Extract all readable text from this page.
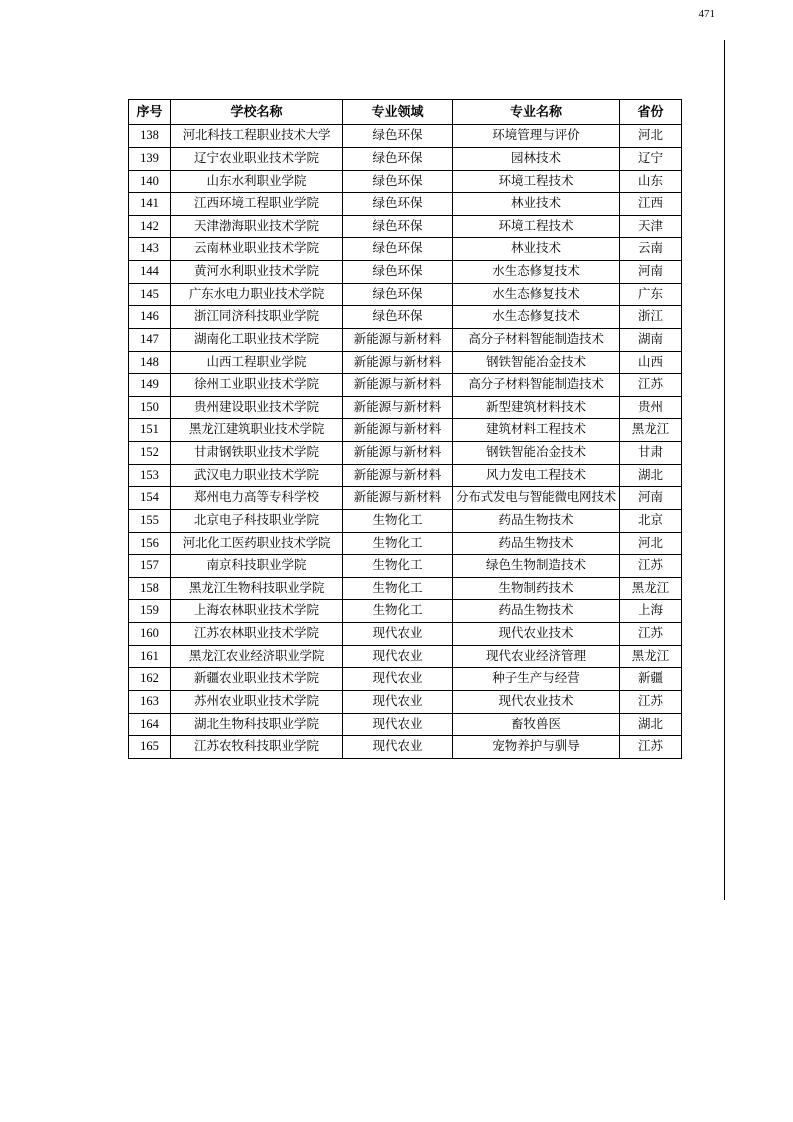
471
序号	学校名称	专业领域	专业名称	省份
138	河北科技工程职业技术大学	绿色环保	环境管理与评价	河北
139	辽宁农业职业技术学院	绿色环保	园林技术	辽宁
140	山东水利职业学院	绿色环保	环境工程技术	山东
141	江西环境工程职业学院	绿色环保	林业技术	江西
142	天津渤海职业技术学院	绿色环保	环境工程技术	天津
143	云南林业职业技术学院	绿色环保	林业技术	云南
144	黄河水利职业技术学院	绿色环保	水生态修复技术	河南
145	广东水电力职业技术学院	绿色环保	水生态修复技术	广东
146	浙江同济科技职业学院	绿色环保	水生态修复技术	浙江
147	湖南化工职业技术学院	新能源与新材料	高分子材料智能制造技术	湖南
148	山西工程职业学院	新能源与新材料	钢铁智能冶金技术	山西
149	徐州工业职业技术学院	新能源与新材料	高分子材料智能制造技术	江苏
150	贵州建设职业技术学院	新能源与新材料	新型建筑材料技术	贵州
151	黑龙江建筑职业技术学院	新能源与新材料	建筑材料工程技术	黑龙江
152	甘肃钢铁职业技术学院	新能源与新材料	钢铁智能冶金技术	甘肃
153	武汉电力职业技术学院	新能源与新材料	风力发电工程技术	湖北
154	郑州电力高等专科学校	新能源与新材料	分布式发电与智能微电网技术	河南
155	北京电子科技职业学院	生物化工	药品生物技术	北京
156	河北化工医药职业技术学院	生物化工	药品生物技术	河北
157	南京科技职业学院	生物化工	绿色生物制造技术	江苏
158	黑龙江生物科技职业学院	生物化工	生物制药技术	黑龙江
159	上海农林职业技术学院	生物化工	药品生物技术	上海
160	江苏农林职业技术学院	现代农业	现代农业技术	江苏
161	黑龙江农业经济职业学院	现代农业	现代农业经济管理	黑龙江
162	新疆农业职业技术学院	现代农业	种子生产与经营	新疆
163	苏州农业职业技术学院	现代农业	现代农业技术	江苏
164	湖北生物科技职业学院	现代农业	畜牧兽医	湖北
165	江苏农牧科技职业学院	现代农业	宠物养护与驯导	江苏
